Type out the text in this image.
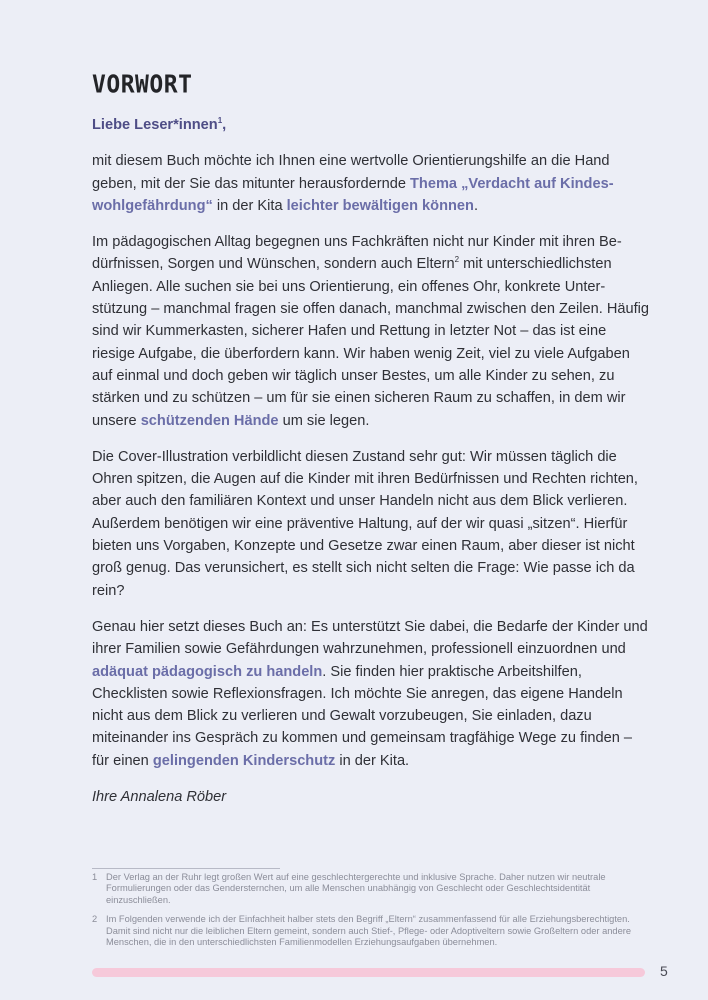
VORWORT

Liebe Leser*innen$^1$,

mit diesem Buch möchte ich Ihnen eine wertvolle Orientierungshilfe an die Hand geben, mit der Sie das mitunter herausfordernde Thema „Verdacht auf Kindeswohlgefährdung“ in der Kita leichter bewältigen können.

Im pädagogischen Alltag begegnen uns Fachkräften nicht nur Kinder mit ihren Bedürfnissen, Sorgen und Wünschen, sondern auch Eltern$^2$ mit unterschiedlichsten Anliegen. Alle suchen sie bei uns Orientierung, ein offenes Ohr, konkrete Unterstützung – manchmal fragen sie offen danach, manchmal zwischen den Zeilen. Häufig sind wir Kummerkasten, sicherer Hafen und Rettung in letzter Not – das ist eine riesige Aufgabe, die überfordern kann. Wir haben wenig Zeit, viel zu viele Aufgaben auf einmal und doch geben wir täglich unser Bestes, um alle Kinder zu sehen, zu stärken und zu schützen – um für sie einen sicheren Raum zu schaffen, in dem wir unsere schützenden Hände um sie legen.

Die Cover-Illustration verbildlicht diesen Zustand sehr gut: Wir müssen täglich die Ohren spitzen, die Augen auf die Kinder mit ihren Bedürfnissen und Rechten richten, aber auch den familiären Kontext und unser Handeln nicht aus dem Blick verlieren. Außerdem benötigen wir eine präventive Haltung, auf der wir quasi „sitzen“. Hierfür bieten uns Vorgaben, Konzepte und Gesetze zwar einen Raum, aber dieser ist nicht groß genug. Das verunsichert, es stellt sich nicht selten die Frage: Wie passe ich da rein?

Genau hier setzt dieses Buch an: Es unterstützt Sie dabei, die Bedarfe der Kinder und ihrer Familien sowie Gefährdungen wahrzunehmen, professionell einzuordnen und adäquat pädagogisch zu handeln. Sie finden hier praktische Arbeitshilfen, Checklisten sowie Reflexionsfragen. Ich möchte Sie anregen, das eigene Handeln nicht aus dem Blick zu verlieren und Gewalt vorzubeugen, Sie einladen, dazu miteinander ins Gespräch zu kommen und gemeinsam tragfähige Wege zu finden – für einen gelingenden Kinderschutz in der Kita.

Ihre Annalena Röber

1 Der Verlag an der Ruhr legt großen Wert auf eine geschlechtergerechte und inklusive Sprache. Daher nutzen wir neutrale Formulierungen oder das Gendersternchen, um alle Menschen unabhängig von Geschlecht oder Geschlechtsidentität einzuschließen.
2 Im Folgenden verwende ich der Einfachheit halber stets den Begriff „Eltern“ zusammenfassend für alle Erziehungsberechtigten. Damit sind nicht nur die leiblichen Eltern gemeint, sondern auch Stief-, Pflege- oder Adoptiveltern sowie Großeltern oder andere Menschen, die in den unterschiedlichsten Familienmodellen Erziehungsaufgaben übernehmen.
5
